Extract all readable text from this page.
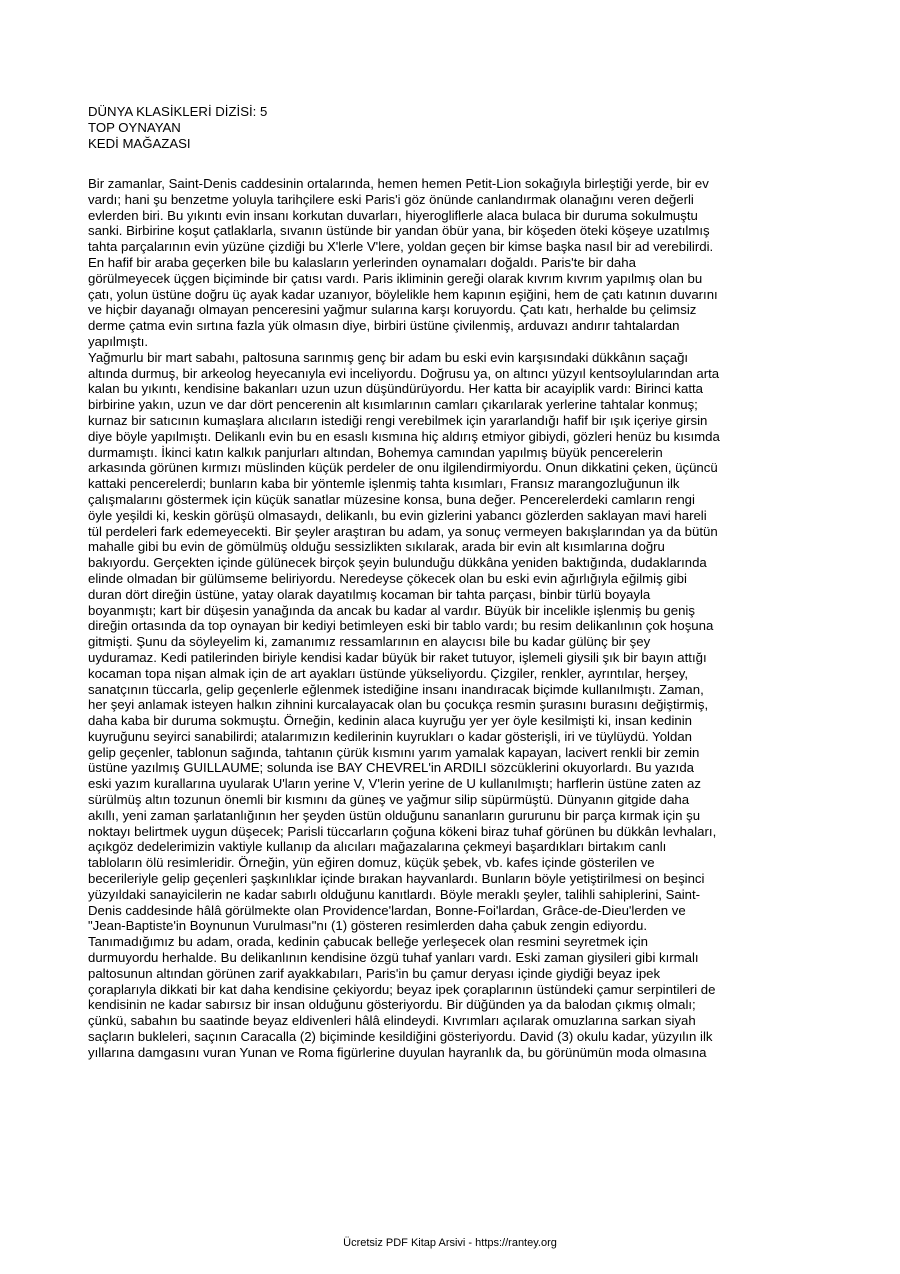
DÜNYA KLASİKLERİ DİZİSİ: 5
TOP OYNAYAN
KEDİ MAĞAZASI
Bir zamanlar, Saint-Denis caddesinin ortalarında, hemen hemen Petit-Lion sokağıyla birleştiği yerde, bir ev
vardı; hani şu benzetme yoluyla tarihçilere eski Paris'i göz önünde canlandırmak olanağını veren değerli
evlerden biri. Bu yıkıntı evin insanı korkutan duvarları, hiyerogliflerle alaca bulaca bir duruma sokulmuştu
sanki. Birbirine koşut çatlaklarla, sıvanın üstünde bir yandan öbür yana, bir köşeden öteki köşeye uzatılmış
tahta parçalarının evin yüzüne çizdiği bu X'lerle V'lere, yoldan geçen bir kimse başka nasıl bir ad verebilirdi.
En hafif bir araba geçerken bile bu kalasların yerlerinden oynamaları doğaldı. Paris'te bir daha
görülmeyecek üçgen biçiminde bir çatısı vardı. Paris ikliminin gereği olarak kıvrım kıvrım yapılmış olan bu
çatı, yolun üstüne doğru üç ayak kadar uzanıyor, böylelikle hem kapının eşiğini, hem de çatı katının duvarını
ve hiçbir dayanağı olmayan penceresini yağmur sularına karşı koruyordu. Çatı katı, herhalde bu çelimsiz
derme çatma evin sırtına fazla yük olmasın diye, birbiri üstüne çivilenmiş, arduvazı andırır tahtalardan
yapılmıştı.
Yağmurlu bir mart sabahı, paltosuna sarınmış genç bir adam bu eski evin karşısındaki dükkânın saçağı
altında durmuş, bir arkeolog heyecanıyla evi inceliyordu. Doğrusu ya, on altıncı yüzyıl kentsoylularından arta
kalan bu yıkıntı, kendisine bakanları uzun uzun düşündürüyordu. Her katta bir acayiplik vardı: Birinci katta
birbirine yakın, uzun ve dar dört pencerenin alt kısımlarının camları çıkarılarak yerlerine tahtalar konmuş;
kurnaz bir satıcının kumaşlara alıcıların istediği rengi verebilmek için yararlandığı hafif bir ışık içeriye girsin
diye böyle yapılmıştı. Delikanlı evin bu en esaslı kısmına hiç aldırış etmiyor gibiydi, gözleri henüz bu kısımda
durmamıştı. İkinci katın kalkık panjurları altından, Bohemya camından yapılmış büyük pencerelerin
arkasında görünen kırmızı müslinden küçük perdeler de onu ilgilendirmiyordu. Onun dikkatini çeken, üçüncü
kattaki pencerelerdi; bunların kaba bir yöntemle işlenmiş tahta kısımları, Fransız marangozluğunun ilk
çalışmalarını göstermek için küçük sanatlar müzesine konsa, buna değer. Pencerelerdeki camların rengi
öyle yeşildi ki, keskin görüşü olmasaydı, delikanlı, bu evin gizlerini yabancı gözlerden saklayan mavi hareli
tül perdeleri fark edemeyecekti. Bir şeyler araştıran bu adam, ya sonuç vermeyen bakışlarından ya da bütün
mahalle gibi bu evin de gömülmüş olduğu sessizlikten sıkılarak, arada bir evin alt kısımlarına doğru
bakıyordu. Gerçekten içinde gülünecek birçok şeyin bulunduğu dükkâna yeniden baktığında, dudaklarında
elinde olmadan bir gülümseme beliriyordu. Neredeyse çökecek olan bu eski evin ağırlığıyla eğilmiş gibi
duran dört direğin üstüne, yatay olarak dayatılmış kocaman bir tahta parçası, binbir türlü boyayla
boyanmıştı; kart bir düşesin yanağında da ancak bu kadar al vardır. Büyük bir incelikle işlenmiş bu geniş
direğin ortasında da top oynayan bir kediyi betimleyen eski bir tablo vardı; bu resim delikanlının çok hoşuna
gitmişti. Şunu da söyleyelim ki, zamanımız ressamlarının en alaycısı bile bu kadar gülünç bir şey
uyduramaz. Kedi patilerinden biriyle kendisi kadar büyük bir raket tutuyor, işlemeli giysili şık bir bayın attığı
kocaman topa nişan almak için de art ayakları üstünde yükseliyordu. Çizgiler, renkler, ayrıntılar, herşey,
sanatçının tüccarla, gelip geçenlerle eğlenmek istediğine insanı inandıracak biçimde kullanılmıştı. Zaman,
her şeyi anlamak isteyen halkın zihnini kurcalayacak olan bu çocukça resmin şurasını burasını değiştirmiş,
daha kaba bir duruma sokmuştu. Örneğin, kedinin alaca kuyruğu yer yer öyle kesilmişti ki, insan kedinin
kuyruğunu seyirci sanabilirdi; atalarımızın kedilerinin kuyrukları o kadar gösterişli, iri ve tüylüydü. Yoldan
gelip geçenler, tablonun sağında, tahtanın çürük kısmını yarım yamalak kapayan, lacivert renkli bir zemin
üstüne yazılmış GUILLAUME; solunda ise BAY CHEVREL'in ARDILI sözcüklerini okuyorlardı. Bu yazıda
eski yazım kurallarına uyularak U'ların yerine V, V'lerin yerine de U kullanılmıştı; harflerin üstüne zaten az
sürülmüş altın tozunun önemli bir kısmını da güneş ve yağmur silip süpürmüştü. Dünyanın gitgide daha
akıllı, yeni zaman şarlatanlığının her şeyden üstün olduğunu sananların gururunu bir parça kırmak için şu
noktayı belirtmek uygun düşecek; Parisli tüccarların çoğuna kökeni biraz tuhaf görünen bu dükkân levhaları,
açıkgöz dedelerimizin vaktiyle kullanıp da alıcıları mağazalarına çekmeyi başardıkları birtakım canlı
tabloların ölü resimleridir. Örneğin, yün eğiren domuz, küçük şebek, vb. kafes içinde gösterilen ve
becerileriyle gelip geçenleri şaşkınlıklar içinde bırakan hayvanlardı. Bunların böyle yetiştirilmesi on beşinci
yüzyıldaki sanayicilerin ne kadar sabırlı olduğunu kanıtlardı. Böyle meraklı şeyler, talihli sahiplerini, Saint-
Denis caddesinde hâlâ görülmekte olan Providence'lardan, Bonne-Foi'lardan, Grâce-de-Dieu'lerden ve
"Jean-Baptiste'in Boynunun Vurulması"nı (1) gösteren resimlerden daha çabuk zengin ediyordu.
Tanımadığımız bu adam, orada, kedinin çabucak belleğe yerleşecek olan resmini seyretmek için
durmuyordu herhalde. Bu delikanlının kendisine özgü tuhaf yanları vardı. Eski zaman giysileri gibi kırmalı
paltosunun altından görünen zarif ayakkabıları, Paris'in bu çamur deryası içinde giydiği beyaz ipek
çoraplarıyla dikkati bir kat daha kendisine çekiyordu; beyaz ipek çoraplarının üstündeki çamur serpintileri de
kendisinin ne kadar sabırsız bir insan olduğunu gösteriyordu. Bir düğünden ya da balodan çıkmış olmalı;
çünkü, sabahın bu saatinde beyaz eldivenleri hâlâ elindeydi. Kıvrımları açılarak omuzlarına sarkan siyah
saçların bukleleri, saçının Caracalla (2) biçiminde kesildiğini gösteriyordu. David (3) okulu kadar, yüzyılın ilk
yıllarına damgasını vuran Yunan ve Roma figürlerine duyulan hayranlık da, bu görünümün moda olmasına
Ücretsiz PDF Kitap Arsivi - https://rantey.org
